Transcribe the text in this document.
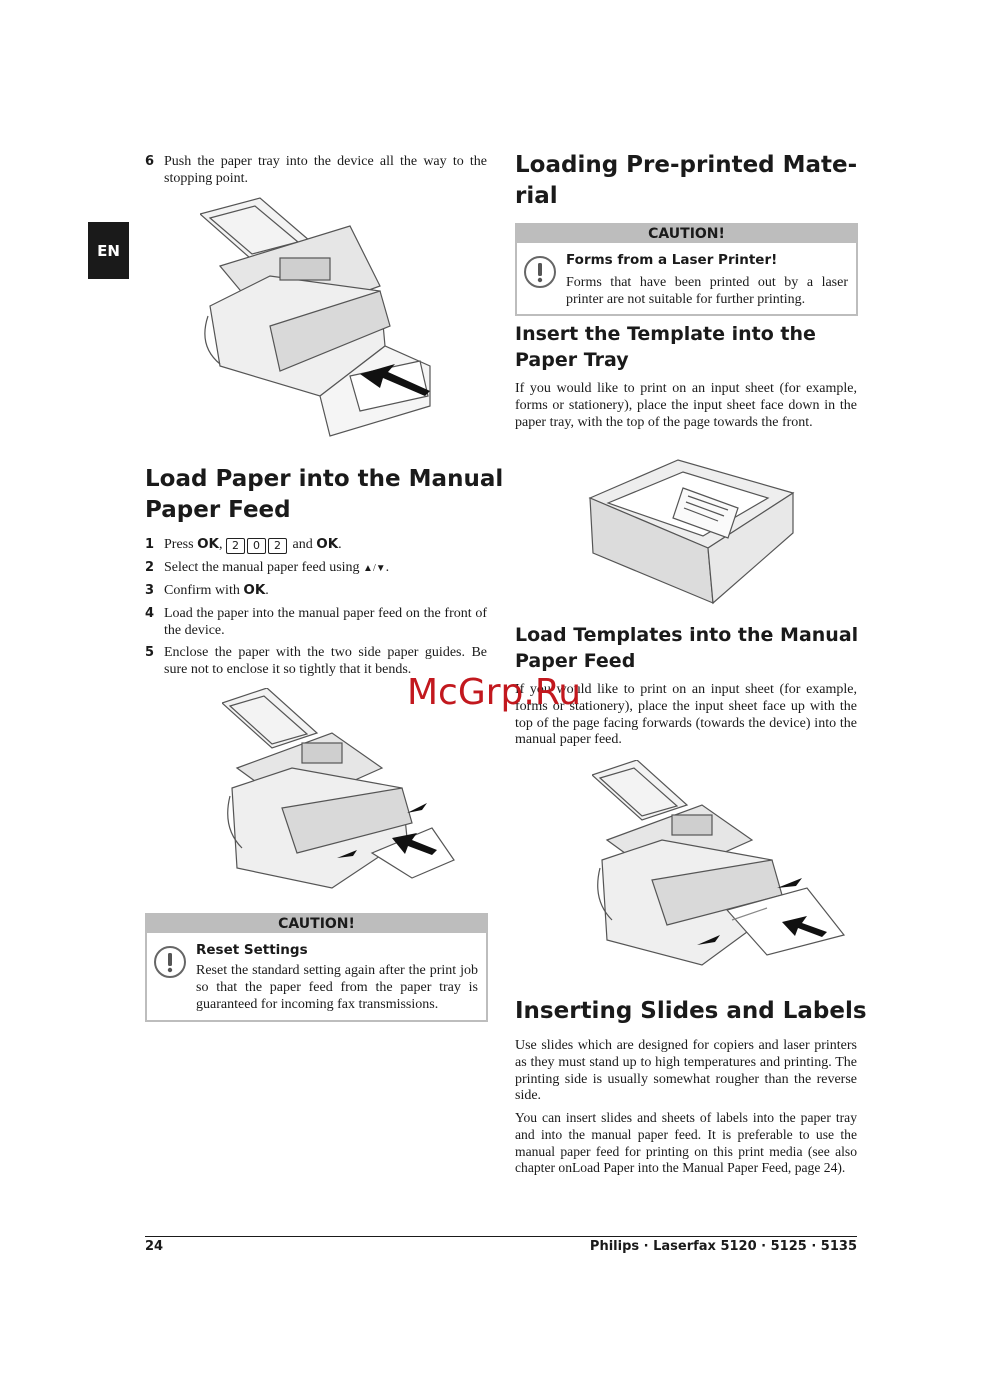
EN
6 Push the paper tray into the device all the way to the stopping point.
Load Paper into the Manual
Paper Feed
1 Press OK, 2 0 2 and OK.
2 Select the manual paper feed using ▲/▼.
3 Confirm with OK.
4 Load the paper into the manual paper feed on the front of the device.
5 Enclose the paper with the two side paper guides. Be sure not to enclose it so tightly that it bends.
CAUTION!
Reset Settings
Reset the standard setting again after the print job so that the paper feed from the paper tray is guaranteed for incoming fax transmissions.
Loading Pre-printed Mate-
rial
CAUTION!
Forms from a Laser Printer!
Forms that have been printed out by a laser printer are not suitable for further printing.
Insert the Template into the
Paper Tray

If you would like to print on an input sheet (for example, forms or stationery), place the input sheet face down in the paper tray, with the top of the page towards the front.

Load Templates into the Manual
Paper Feed

If you would like to print on an input sheet (for example, forms or stationery), place the input sheet face up with the top of the page facing forwards (towards the device) into the manual paper feed.

Inserting Slides and Labels

Use slides which are designed for copiers and laser printers as they must stand up to high temperatures and printing. The printing side is usually somewhat rougher than the reverse side.

You can insert slides and sheets of labels into the paper tray and into the manual paper feed. It is preferable to use the manual paper feed for printing on this print media (see also chapter onLoad Paper into the Manual Paper Feed, page 24).

McGrp.Ru
24	Philips · Laserfax 5120 · 5125 · 5135
